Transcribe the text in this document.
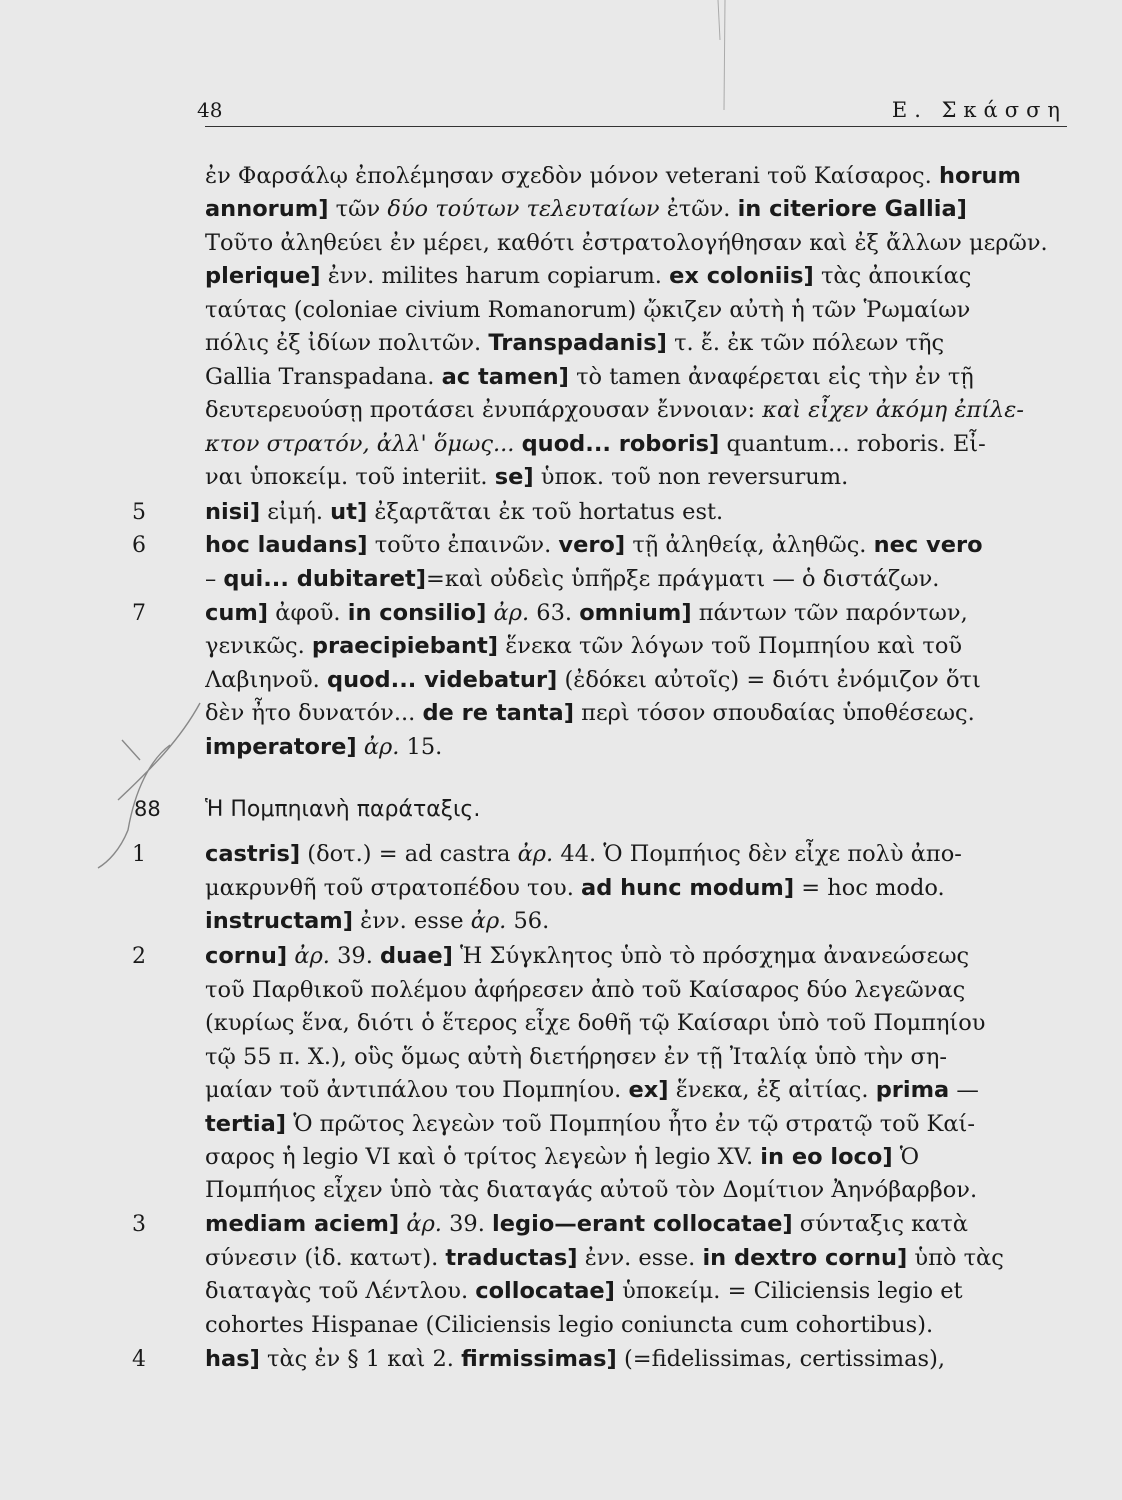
48	Ε. Σκάσση
ἐν Φαρσάλῳ ἐπολέμησαν σχεδὸν μόνον veterani τοῦ Καίσαρος. horum
annorum] τῶν δύο τούτων τελευταίων ἐτῶν. in citeriore Gallia]
Τοῦτο ἀληθεύει ἐν μέρει, καθότι ἐστρατολογήθησαν καὶ ἐξ ἄλλων μερῶν.
plerique] ἐνν. milites harum copiarum. ex coloniis] τὰς ἀποικίας
ταύτας (coloniae civium Romanorum) ᾤκιζεν αὐτὴ ἡ τῶν Ῥωμαίων
πόλις ἐξ ἰδίων πολιτῶν. Transpadanis] τ. ἔ. ἐκ τῶν πόλεων τῆς
Gallia Transpadana. ac tamen] τὸ tamen ἀναφέρεται εἰς τὴν ἐν τῇ
δευτερευούσῃ προτάσει ἐνυπάρχουσαν ἔννοιαν: καὶ εἶχεν ἀκόμη ἐπίλε-
κτον στρατόν, ἀλλ' ὅμως... quod... roboris] quantum... roboris. Εἶ-
ναι ὑποκείμ. τοῦ interiit. se] ὑποκ. τοῦ non reversurum.
nisi] εἰμή. ut] ἐξαρτᾶται ἐκ τοῦ hortatus est.
hoc laudans] τοῦτο ἐπαινῶν. vero] τῇ ἀληθείᾳ, ἀληθῶς. nec vero
– qui... dubitaret]=καὶ οὐδεὶς ὑπῆρξε πράγματι — ὁ διστάζων.
cum] ἀφοῦ. in consilio] ἀρ. 63. omnium] πάντων τῶν παρόντων,
γενικῶς. praecipiebant] ἕνεκα τῶν λόγων τοῦ Πομπηίου καὶ τοῦ
Λαβιηνοῦ. quod... videbatur] (ἐδόκει αὐτοῖς) = διότι ἐνόμιζον ὅτι
δὲν ἦτο δυνατόν... de re tanta] περὶ τόσον σπουδαίας ὑποθέσεως.
imperatore] ἀρ. 15.
castris] (δοτ.) = ad castra ἀρ. 44. Ὁ Πομπήιος δὲν εἶχε πολὺ ἀπο-
μακρυνθῆ τοῦ στρατοπέδου του. ad hunc modum] = hoc modo.
instructam] ἐνν. esse ἀρ. 56.
cornu] ἀρ. 39. duae] Ἡ Σύγκλητος ὑπὸ τὸ πρόσχημα ἀνανεώσεως
τοῦ Παρθικοῦ πολέμου ἀφήρεσεν ἀπὸ τοῦ Καίσαρος δύο λεγεῶνας
(κυρίως ἕνα, διότι ὁ ἕτερος εἶχε δοθῆ τῷ Καίσαρι ὑπὸ τοῦ Πομπηίου
τῷ 55 π. Χ.), οὓς ὅμως αὐτὴ διετήρησεν ἐν τῇ Ἰταλίᾳ ὑπὸ τὴν ση-
μαίαν τοῦ ἀντιπάλου του Πομπηίου. ex] ἕνεκα, ἐξ αἰτίας. prima —
tertia] Ὁ πρῶτος λεγεὼν τοῦ Πομπηίου ἦτο ἐν τῷ στρατῷ τοῦ Καί-
σαρος ἡ legio VI καὶ ὁ τρίτος λεγεὼν ἡ legio XV. in eo loco] Ὁ
Πομπήιος εἶχεν ὑπὸ τὰς διαταγάς αὐτοῦ τὸν Δομίτιον Ἀηνόβαρβον.
mediam aciem] ἀρ. 39. legio—erant collocatae] σύνταξις κατὰ
σύνεσιν (ἰδ. κατωτ). traductas] ἐνν. esse. in dextro cornu] ὑπὸ τὰς
διαταγὰς τοῦ Λέντλου. collocatae] ὑποκείμ. = Ciliciensis legio et
cohortes Hispanae (Ciliciensis legio coniuncta cum cohortibus).
has] τὰς ἐν § 1 καὶ 2. firmissimas] (=fidelissimas, certissimas),
5
6
7
1
2
3
4
88 Ἡ Πομπηιανὴ παράταξις.
